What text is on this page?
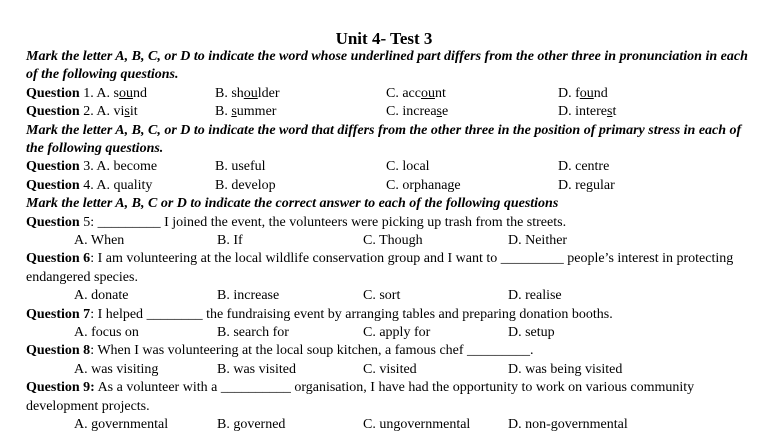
Unit 4- Test 3
Mark the letter A, B, C, or D to indicate the word whose underlined part differs from the other three in pronunciation in each of the following questions.
Question 1. A. sound	B. shoulder	C. account	D. found
Question 2. A. visit	B. summer	C. increase	D. interest
Mark the letter A, B, C, or D to indicate the word that differs from the other three in the position of primary stress in each of the following questions.
Question 3. A. become	B. useful	C. local	D. centre
Question 4. A. quality	B. develop	C. orphanage	D. regular
Mark the letter A, B, C or D to indicate the correct answer to each of the following questions
Question 5: _________ I joined the event, the volunteers were picking up trash from the streets.
A. When	B. If	C. Though	D. Neither
Question 6: I am volunteering at the local wildlife conservation group and I want to _________ people’s interest in protecting endangered species.
A. donate	B. increase	C. sort	D. realise
Question 7: I helped ________ the fundraising event by arranging tables and preparing donation booths.
A. focus on	B. search for	C. apply for	D. setup
Question 8: When I was volunteering at the local soup kitchen, a famous chef _________.
A. was visiting	B. was visited	C. visited	D. was being visited
Question 9: As a volunteer with a __________ organisation, I have had the opportunity to work on various community development projects.
A. governmental	B. governed	C. ungovernmental	D. non-governmental
